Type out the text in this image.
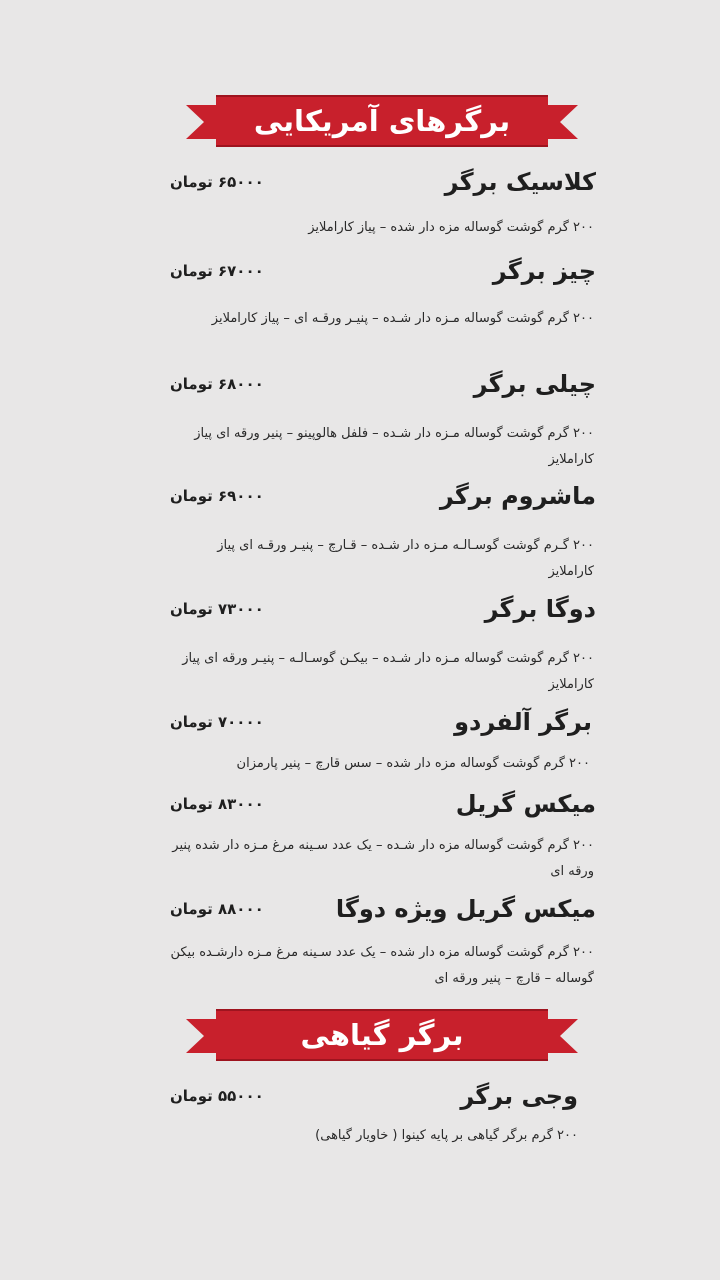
برگرهای آمریکایی
کلاسیک برگر
۶۵۰۰۰ تومان
۲۰۰ گرم گوشت گوساله مزه دار شده – پیاز کاراملایز
چیز برگر
۶۷۰۰۰ تومان
۲۰۰ گرم گوشت گوساله مـزه دار شـده – پنیـر ورقـه ای – پیاز کاراملایز
چیلی برگر
۶۸۰۰۰ تومان
۲۰۰ گرم گوشت گوساله مـزه دار شـده – فلفل هالوپینو – پنیر ورقه ای پیاز کاراملایز
ماشروم برگر
۶۹۰۰۰ تومان
۲۰۰ گـرم گوشت گوسـالـه مـزه دار شـده – قـارچ – پنیـر ورقـه ای پیاز کاراملایز
دوگا برگر
۷۳۰۰۰ تومان
۲۰۰ گرم گوشت گوساله مـزه دار شـده – بیکـن گوسـالـه – پنیـر ورقه ای پیاز کاراملایز
برگر آلفردو
۷۰۰۰۰ تومان
۲۰۰ گرم گوشت گوساله مزه دار شده – سس قارچ – پنیر پارمزان
میکس گریل
۸۳۰۰۰ تومان
۲۰۰ گرم گوشت گوساله مزه دار شـده – یک عدد سـینه مرغ مـزه دار شده پنیر ورقه ای
میکس گریل ویژه دوگا
۸۸۰۰۰ تومان
۲۰۰ گرم گوشت گوساله مزه دار شده – یک عدد سـینه مرغ مـزه دارشـده بیکن گوساله – قارچ – پنیر ورقه ای
برگر گیاهی
وجی برگر
۵۵۰۰۰ تومان
۲۰۰ گرم برگر گیاهی بر پایه کینوا ( خاویار گیاهی)
